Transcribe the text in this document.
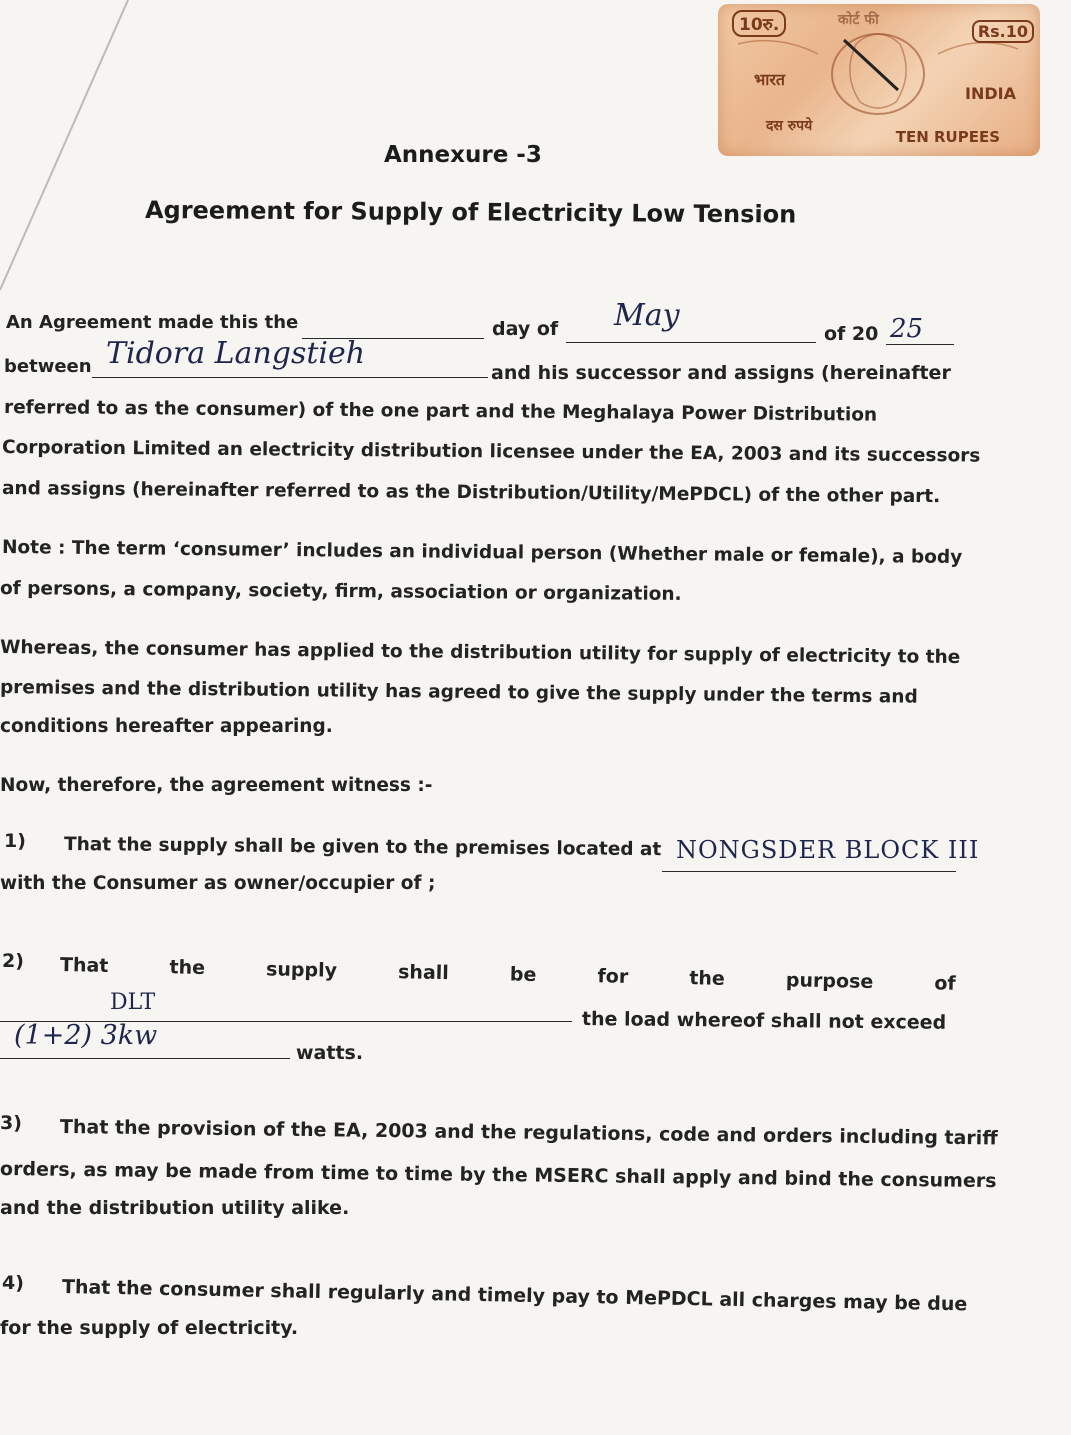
10रु.	कोर्ट फी
Rs.10
भारत
INDIA
दस रुपये
TEN RUPEES
Annexure -3
Agreement for Supply of Electricity Low Tension
An Agreement made this the	day of May
of 20 25
between Tidora Langstieh
and his successor and assigns (hereinafter
referred to as the consumer) of the one part and the Meghalaya Power Distribution
Corporation Limited an electricity distribution licensee under the EA, 2003 and its successors
and assigns (hereinafter referred to as the Distribution/Utility/MePDCL) of the other part.
Note : The term ‘consumer’ includes an individual person (Whether male or female), a body
of persons, a company, society, firm, association or organization.
Whereas, the consumer has applied to the distribution utility for supply of electricity to the
premises and the distribution utility has agreed to give the supply under the terms and
conditions hereafter appearing.
Now, therefore, the agreement witness :-
1) That the supply shall be given to the premises located at NONGSDER BLOCK III
with the Consumer as owner/occupier of ;
2) That	the	supply	shall	be	for	the	purpose	of
DLT
the load whereof shall not exceed
(1+2) 3kw
watts.
3) That the provision of the EA, 2003 and the regulations, code and orders including tariff
orders, as may be made from time to time by the MSERC shall apply and bind the consumers
and the distribution utility alike.
4) That the consumer shall regularly and timely pay to MePDCL all charges may be due
for the supply of electricity.
